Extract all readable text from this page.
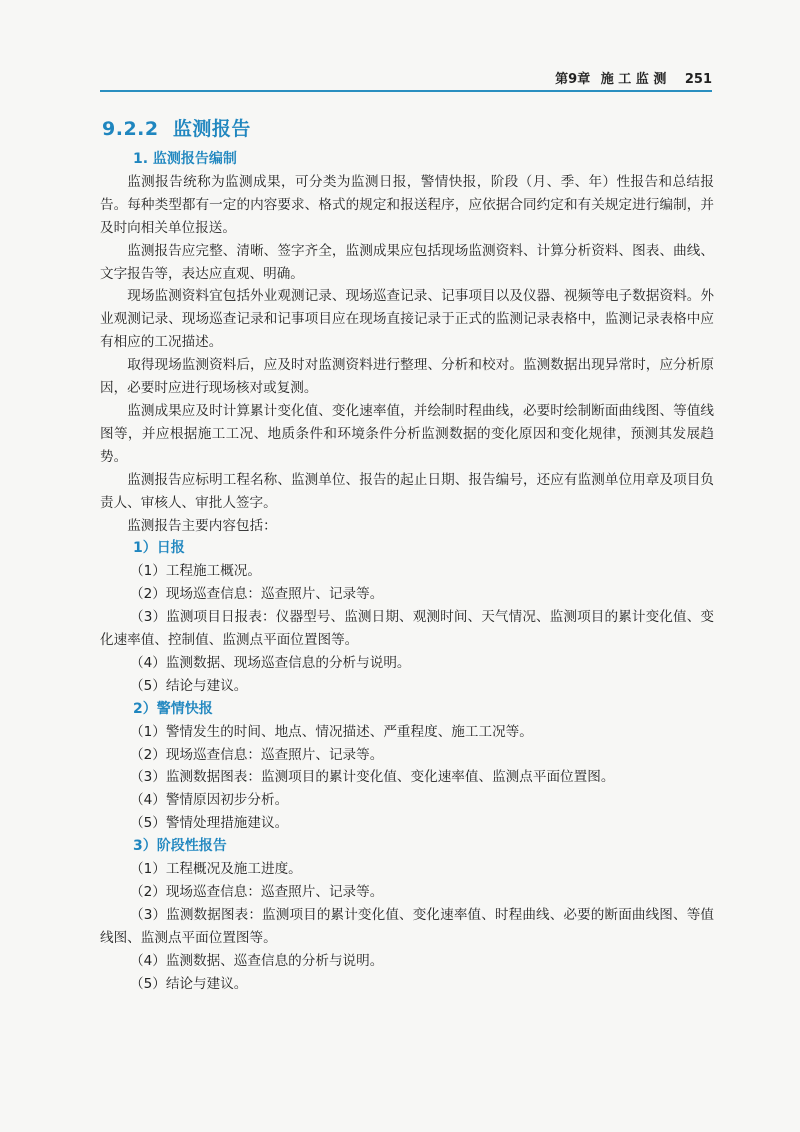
第9章 施 工 监 测 251
9.2.2  监测报告

1. 监测报告编制

监测报告统称为监测成果，可分类为监测日报，警情快报，阶段（月、季、年）性报告和总结报告。每种类型都有一定的内容要求、格式的规定和报送程序，应依据合同约定和有关规定进行编制，并及时向相关单位报送。

监测报告应完整、清晰、签字齐全，监测成果应包括现场监测资料、计算分析资料、图表、曲线、文字报告等，表达应直观、明确。

现场监测资料宜包括外业观测记录、现场巡查记录、记事项目以及仪器、视频等电子数据资料。外业观测记录、现场巡查记录和记事项目应在现场直接记录于正式的监测记录表格中，监测记录表格中应有相应的工况描述。

取得现场监测资料后，应及时对监测资料进行整理、分析和校对。监测数据出现异常时，应分析原因，必要时应进行现场核对或复测。

监测成果应及时计算累计变化值、变化速率值，并绘制时程曲线，必要时绘制断面曲线图、等值线图等，并应根据施工工况、地质条件和环境条件分析监测数据的变化原因和变化规律，预测其发展趋势。

监测报告应标明工程名称、监测单位、报告的起止日期、报告编号，还应有监测单位用章及项目负责人、审核人、审批人签字。

监测报告主要内容包括：

1）日报

（1）工程施工概况。

（2）现场巡查信息：巡查照片、记录等。

（3）监测项目日报表：仪器型号、监测日期、观测时间、天气情况、监测项目的累计变化值、变化速率值、控制值、监测点平面位置图等。

（4）监测数据、现场巡查信息的分析与说明。

（5）结论与建议。

2）警情快报

（1）警情发生的时间、地点、情况描述、严重程度、施工工况等。

（2）现场巡查信息：巡查照片、记录等。

（3）监测数据图表：监测项目的累计变化值、变化速率值、监测点平面位置图。

（4）警情原因初步分析。

（5）警情处理措施建议。

3）阶段性报告

（1）工程概况及施工进度。

（2）现场巡查信息：巡查照片、记录等。

（3）监测数据图表：监测项目的累计变化值、变化速率值、时程曲线、必要的断面曲线图、等值线图、监测点平面位置图等。

（4）监测数据、巡查信息的分析与说明。

（5）结论与建议。
